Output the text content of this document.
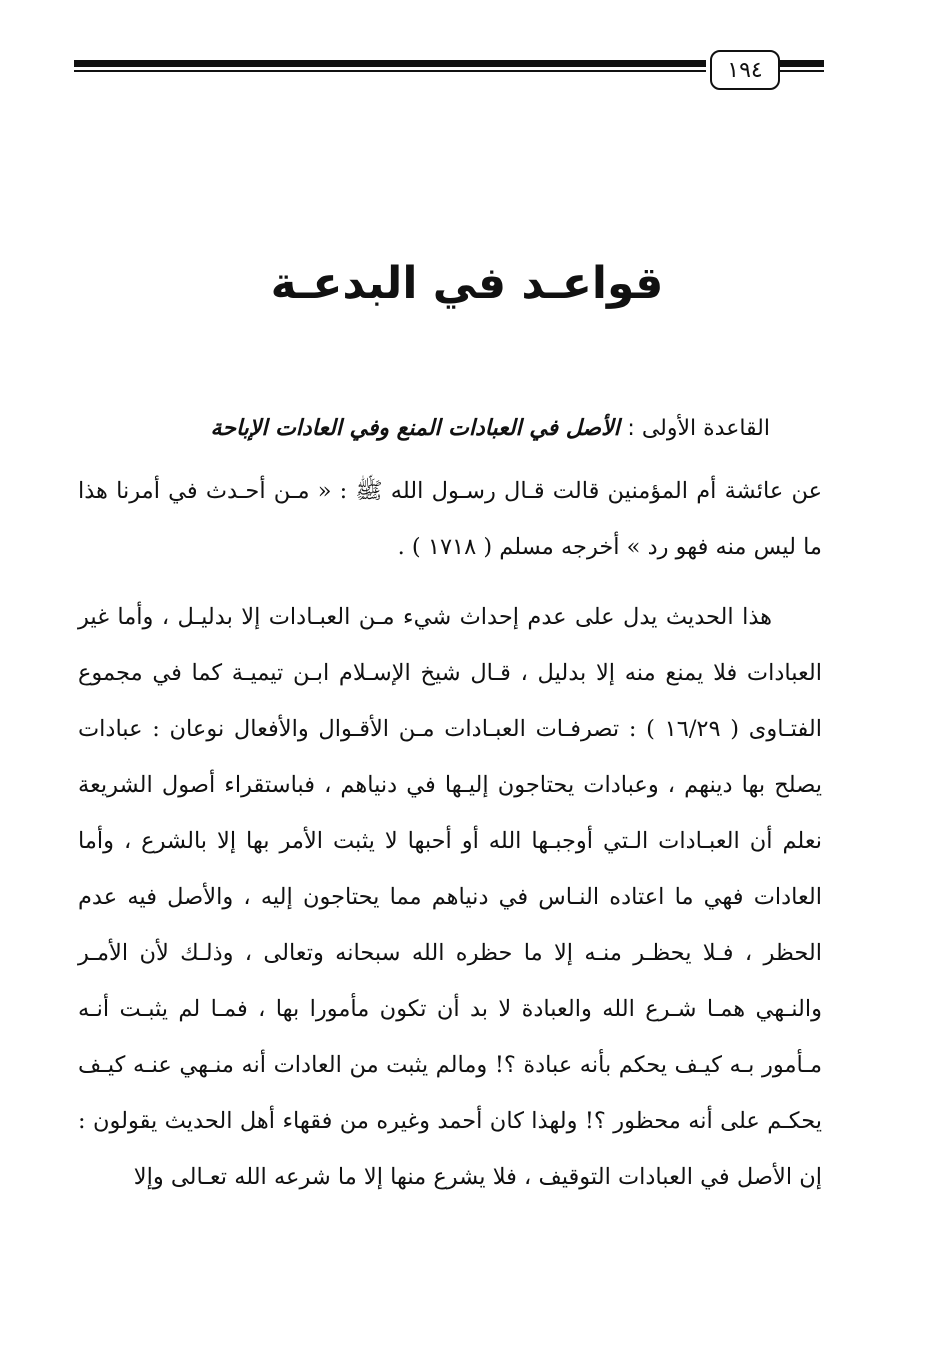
١٩٤
قواعـد في البدعـة
القاعدة الأولى : الأصل في العبادات المنع وفي العادات الإباحة

عن عائشة أم المؤمنين قالت قـال رسـول الله ﷺ : « مـن أحـدث في أمرنا هذا ما ليس منه فهو رد » أخرجه مسلم ( ١٧١٨ ) .

هذا الحديث يدل على عدم إحداث شيء مـن العبـادات إلا بدليـل ، وأما غير العبادات فلا يمنع منه إلا بدليل ، قـال شيخ الإسـلام ابـن تيميـة كما في مجموع الفتـاوى ( ١٦/٢٩ ) : تصرفـات العبـادات مـن الأقـوال والأفعال نوعان : عبادات يصلح بها دينهم ، وعبادات يحتاجون إليـها في دنياهم ، فباستقراء أصول الشريعة نعلم أن العبـادات الـتي أوجبـها الله أو أحبها لا يثبت الأمر بها إلا بالشرع ، وأما العادات فهي ما اعتاده النـاس في دنياهم مما يحتاجون إليه ، والأصل فيه عدم الحظر ، فـلا يحظـر منـه إلا ما حظره الله سبحانه وتعالى ، وذلـك لأن الأمـر والنـهي همـا شـرع الله والعبادة لا بد أن تكون مأمورا بها ، فمـا لم يثبـت أنـه مـأمور بـه كيـف يحكم بأنه عبادة ؟! ومالم يثبت من العادات أنه منـهي عنـه كيـف يحكـم على أنه محظور ؟! ولهذا كان أحمد وغيره من فقهاء أهل الحديث يقولون : إن الأصل في العبادات التوقيف ، فلا يشرع منها إلا ما شرعه الله تعـالى وإلا
